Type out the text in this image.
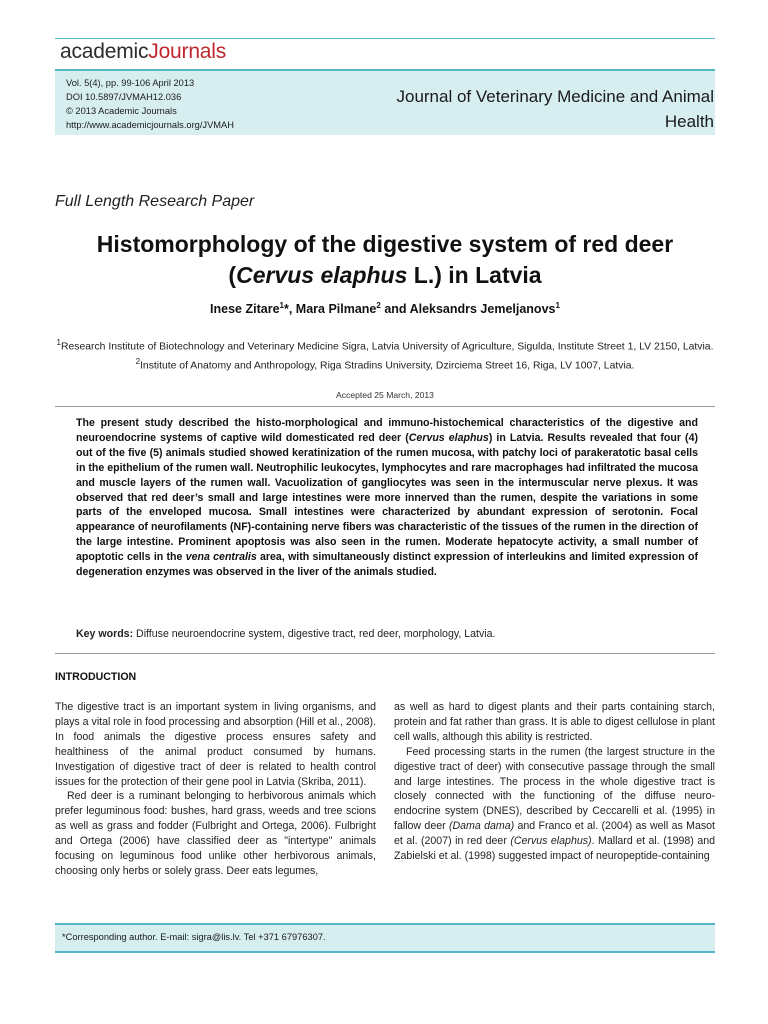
academicJournals
Vol. 5(4), pp. 99-106 April 2013
DOI 10.5897/JVMAH12.036
© 2013 Academic Journals
http://www.academicjournals.org/JVMAH
Journal of Veterinary Medicine and Animal
Health
Full Length Research Paper
Histomorphology of the digestive system of red deer (Cervus elaphus L.) in Latvia
Inese Zitare$^1$*, Mara Pilmane$^2$ and Aleksandrs Jemeljanovs$^1$
$^1$Research Institute of Biotechnology and Veterinary Medicine Sigra, Latvia University of Agriculture, Sigulda, Institute Street 1, LV 2150, Latvia.
$^2$Institute of Anatomy and Anthropology, Riga Stradins University, Dzirciema Street 16, Riga, LV 1007, Latvia.
Accepted 25 March, 2013
The present study described the histo-morphological and immuno-histochemical characteristics of the digestive and neuroendocrine systems of captive wild domesticated red deer (Cervus elaphus) in Latvia. Results revealed that four (4) out of the five (5) animals studied showed keratinization of the rumen mucosa, with patchy loci of parakeratotic basal cells in the epithelium of the rumen wall. Neutrophilic leukocytes, lymphocytes and rare macrophages had infiltrated the mucosa and muscle layers of the rumen wall. Vacuolization of gangliocytes was seen in the intermuscular nerve plexus. It was observed that red deer’s small and large intestines were more innerved than the rumen, despite the variations in some parts of the enveloped mucosa. Small intestines were characterized by abundant expression of serotonin. Focal appearance of neurofilaments (NF)-containing nerve fibers was characteristic of the tissues of the rumen in the direction of the large intestine. Prominent apoptosis was also seen in the rumen. Moderate hepatocyte activity, a small number of apoptotic cells in the vena centralis area, with simultaneously distinct expression of interleukins and limited expression of degeneration enzymes was observed in the liver of the animals studied.
Key words: Diffuse neuroendocrine system, digestive tract, red deer, morphology, Latvia.
INTRODUCTION

The digestive tract is an important system in living organisms, and plays a vital role in food processing and absorption (Hill et al., 2008). In food animals the digestive process ensures safety and healthiness of the animal product consumed by humans. Investigation of digestive tract of deer is related to health control issues for the protection of their gene pool in Latvia (Skriba, 2011).

Red deer is a ruminant belonging to herbivorous animals which prefer leguminous food: bushes, hard grass, weeds and tree scions as well as grass and fodder (Fulbright and Ortega, 2006). Fulbright and Ortega (2006) have classified deer as "intertype" animals focusing on leguminous food unlike other herbivorous animals, choosing only herbs or solely grass. Deer eats legumes,

as well as hard to digest plants and their parts containing starch, protein and fat rather than grass. It is able to digest cellulose in plant cell walls, although this ability is restricted.

Feed processing starts in the rumen (the largest structure in the digestive tract of deer) with consecutive passage through the small and large intestines. The process in the whole digestive tract is closely connected with the functioning of the diffuse neuro-endocrine system (DNES), described by Ceccarelli et al. (1995) in fallow deer (Dama dama) and Franco et al. (2004) as well as Masot et al. (2007) in red deer (Cervus elaphus). Mallard et al. (1998) and Zabielski et al. (1998) suggested impact of neuropeptide-containing

*Corresponding author. E-mail: sigra@lis.lv. Tel +371 67976307.
